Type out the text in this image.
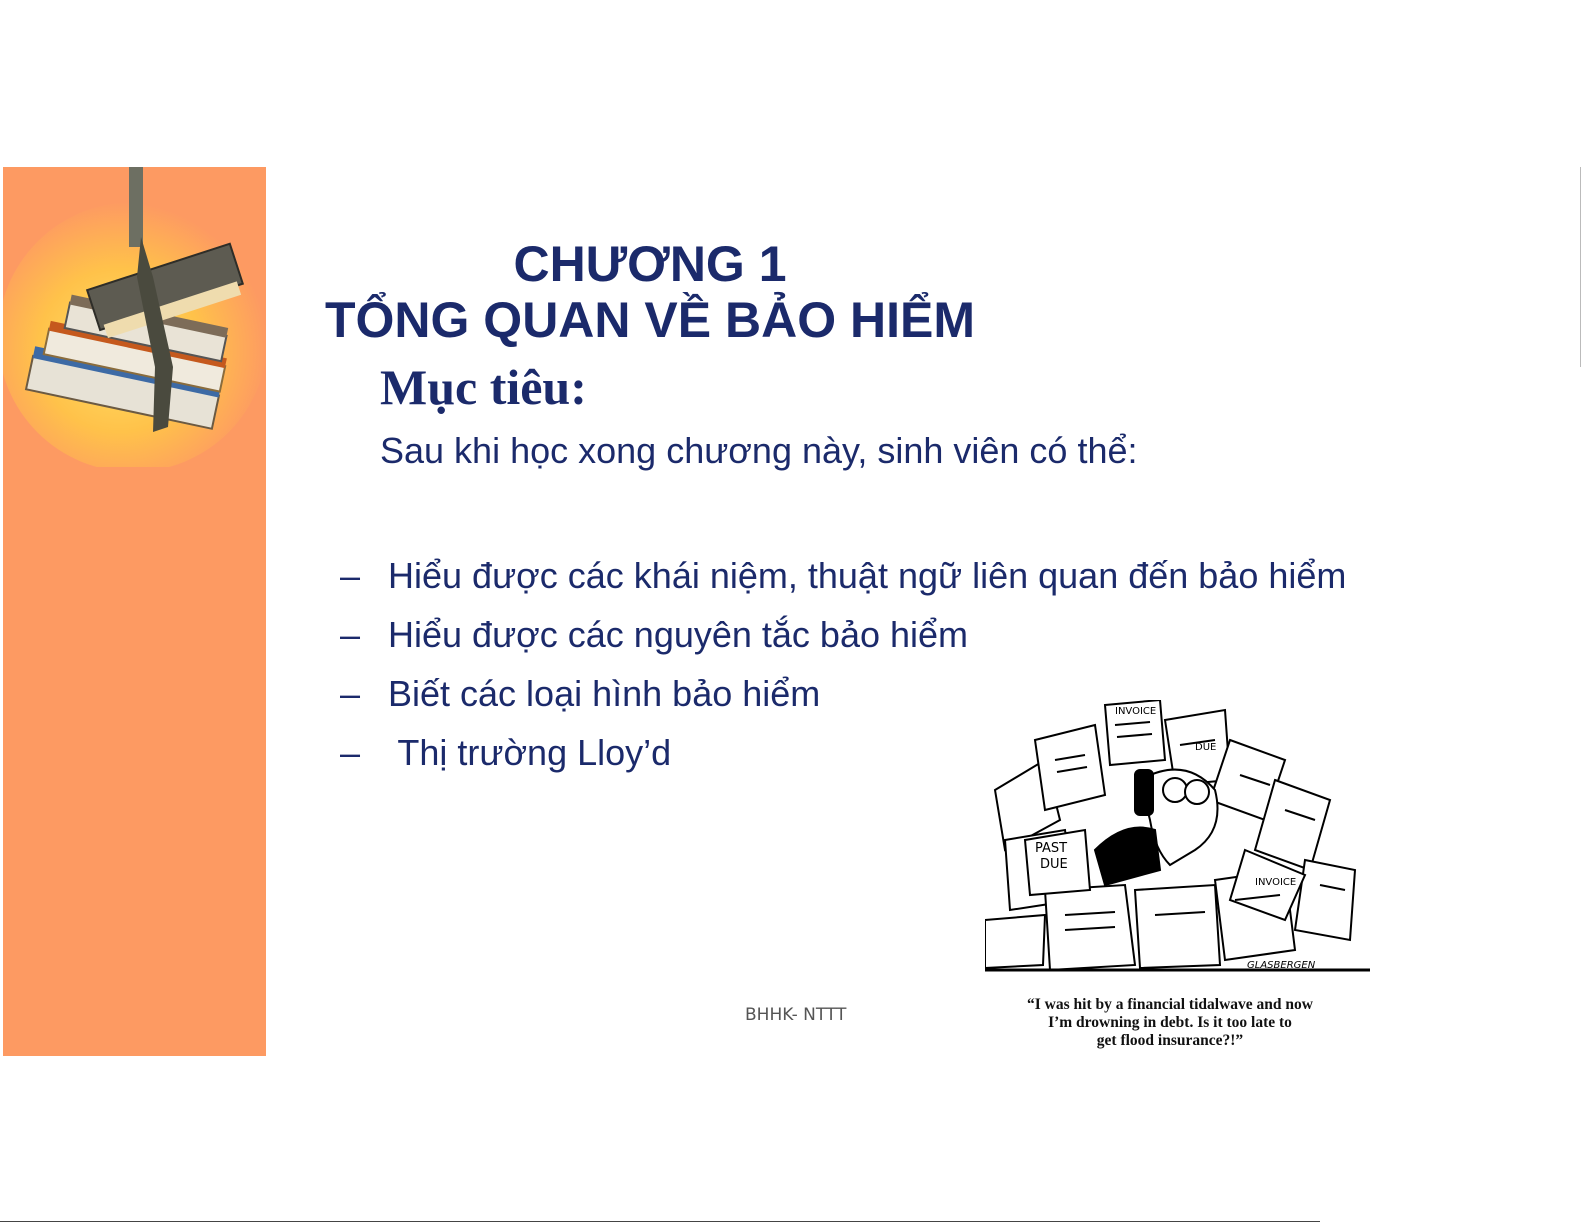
CHƯƠNG 1
TỔNG QUAN VỀ BẢO HIỂM
Mục tiêu:
Sau khi học xong chương này, sinh viên có thể:
– Hiểu được các khái niệm, thuật ngữ liên quan đến bảo hiểm
– Hiểu được các nguyên tắc bảo hiểm
– Biết các loại hình bảo hiểm
– Thị trường Lloy’d
INVOICE
DUE
PAST
DUE
INVOICE
GLASBERGEN
“I was hit by a financial tidalwave and now
I’m drowning in debt. Is it too late to
get flood insurance?!”
BHHK- NTTT
